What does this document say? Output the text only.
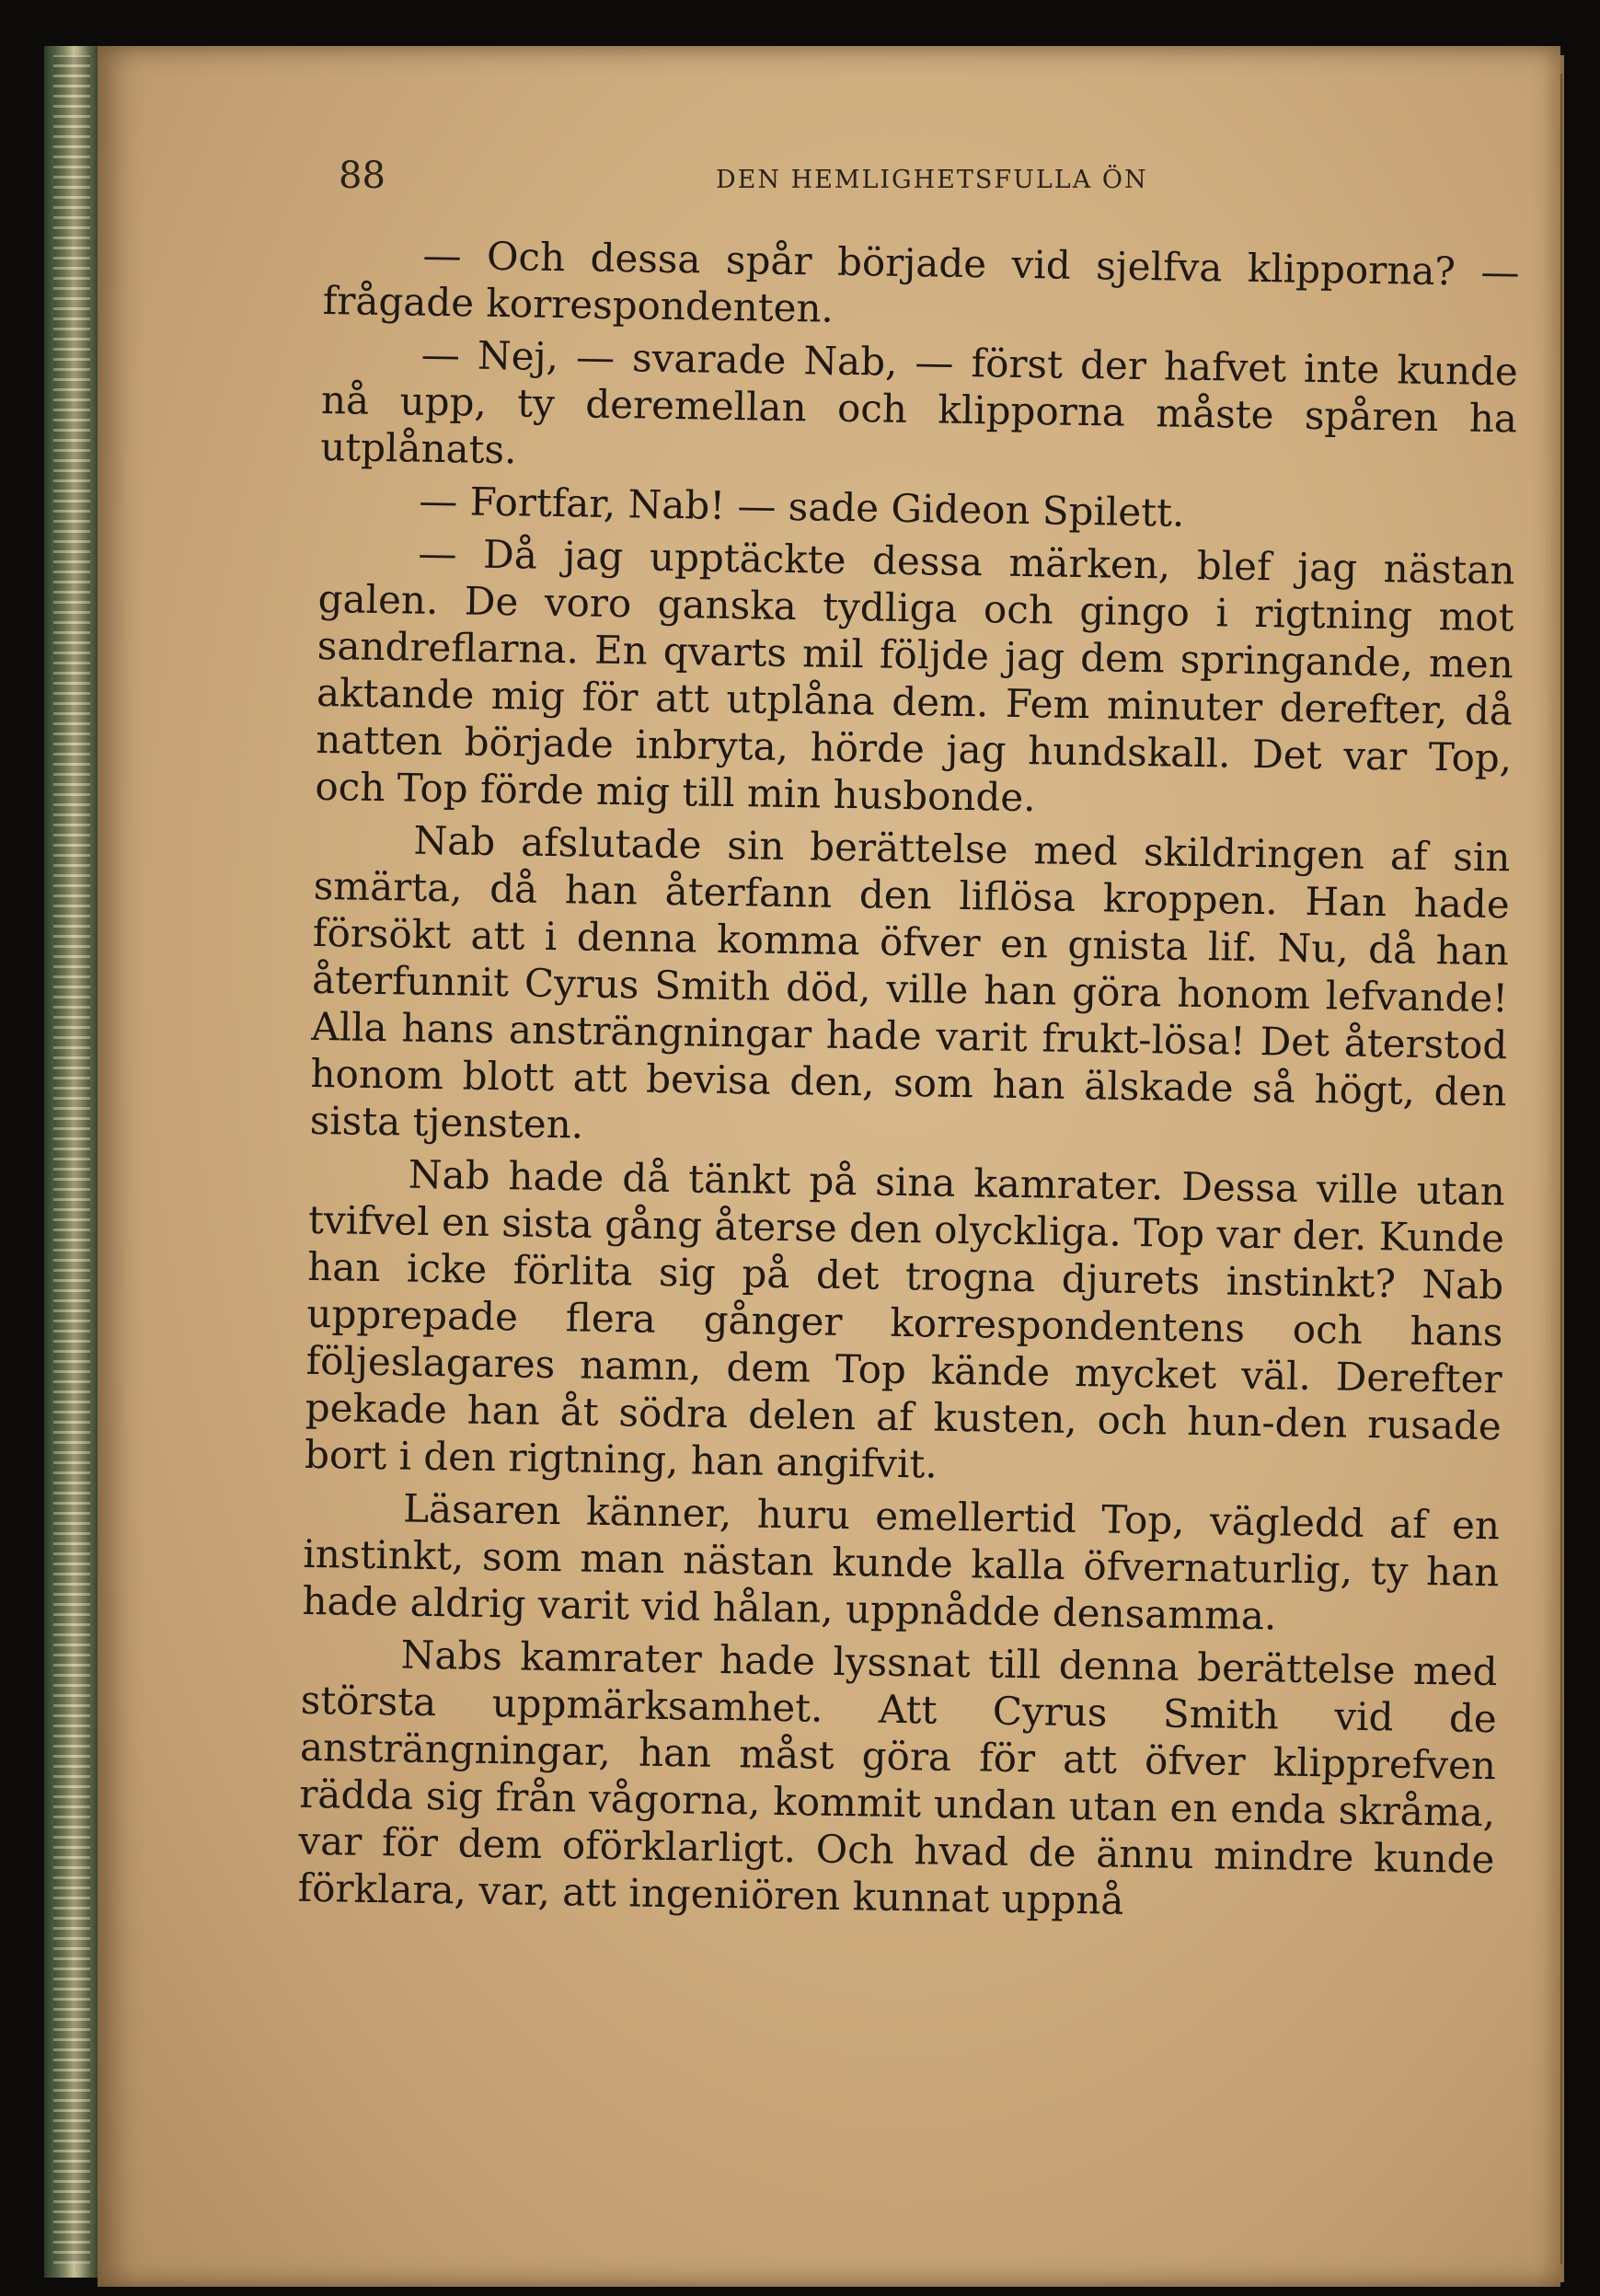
88	DEN HEMLIGHETSFULLA ÖN

— Och dessa spår började vid sjelfva klipporna? — frågade korrespondenten.

— Nej, — svarade Nab, — först der hafvet inte kunde nå upp, ty deremellan och klipporna måste spåren ha utplånats.

— Fortfar, Nab! — sade Gideon Spilett.

— Då jag upptäckte dessa märken, blef jag nästan galen. De voro ganska tydliga och gingo i rigtning mot sandreflarna. En qvarts mil följde jag dem springande, men aktande mig för att utplåna dem. Fem minuter derefter, då natten började inbryta, hörde jag hundskall. Det var Top, och Top förde mig till min husbonde.

Nab afslutade sin berättelse med skildringen af sin smärta, då han återfann den liflösa kroppen. Han hade försökt att i denna komma öfver en gnista lif. Nu, då han återfunnit Cyrus Smith död, ville han göra honom lefvande! Alla hans ansträngningar hade varit frukt-lösa! Det återstod honom blott att bevisa den, som han älskade så högt, den sista tjensten.

Nab hade då tänkt på sina kamrater. Dessa ville utan tvifvel en sista gång återse den olyckliga. Top var der. Kunde han icke förlita sig på det trogna djurets instinkt? Nab upprepade flera gånger korrespondentens och hans följeslagares namn, dem Top kände mycket väl. Derefter pekade han åt södra delen af kusten, och hun-den rusade bort i den rigtning, han angifvit.

Läsaren känner, huru emellertid Top, vägledd af en instinkt, som man nästan kunde kalla öfvernaturlig, ty han hade aldrig varit vid hålan, uppnådde densamma.

Nabs kamrater hade lyssnat till denna berättelse med största uppmärksamhet. Att Cyrus Smith vid de ansträngningar, han måst göra för att öfver klipprefven rädda sig från vågorna, kommit undan utan en enda skråma, var för dem oförklarligt. Och hvad de ännu mindre kunde förklara, var, att ingeniören kunnat uppnå
